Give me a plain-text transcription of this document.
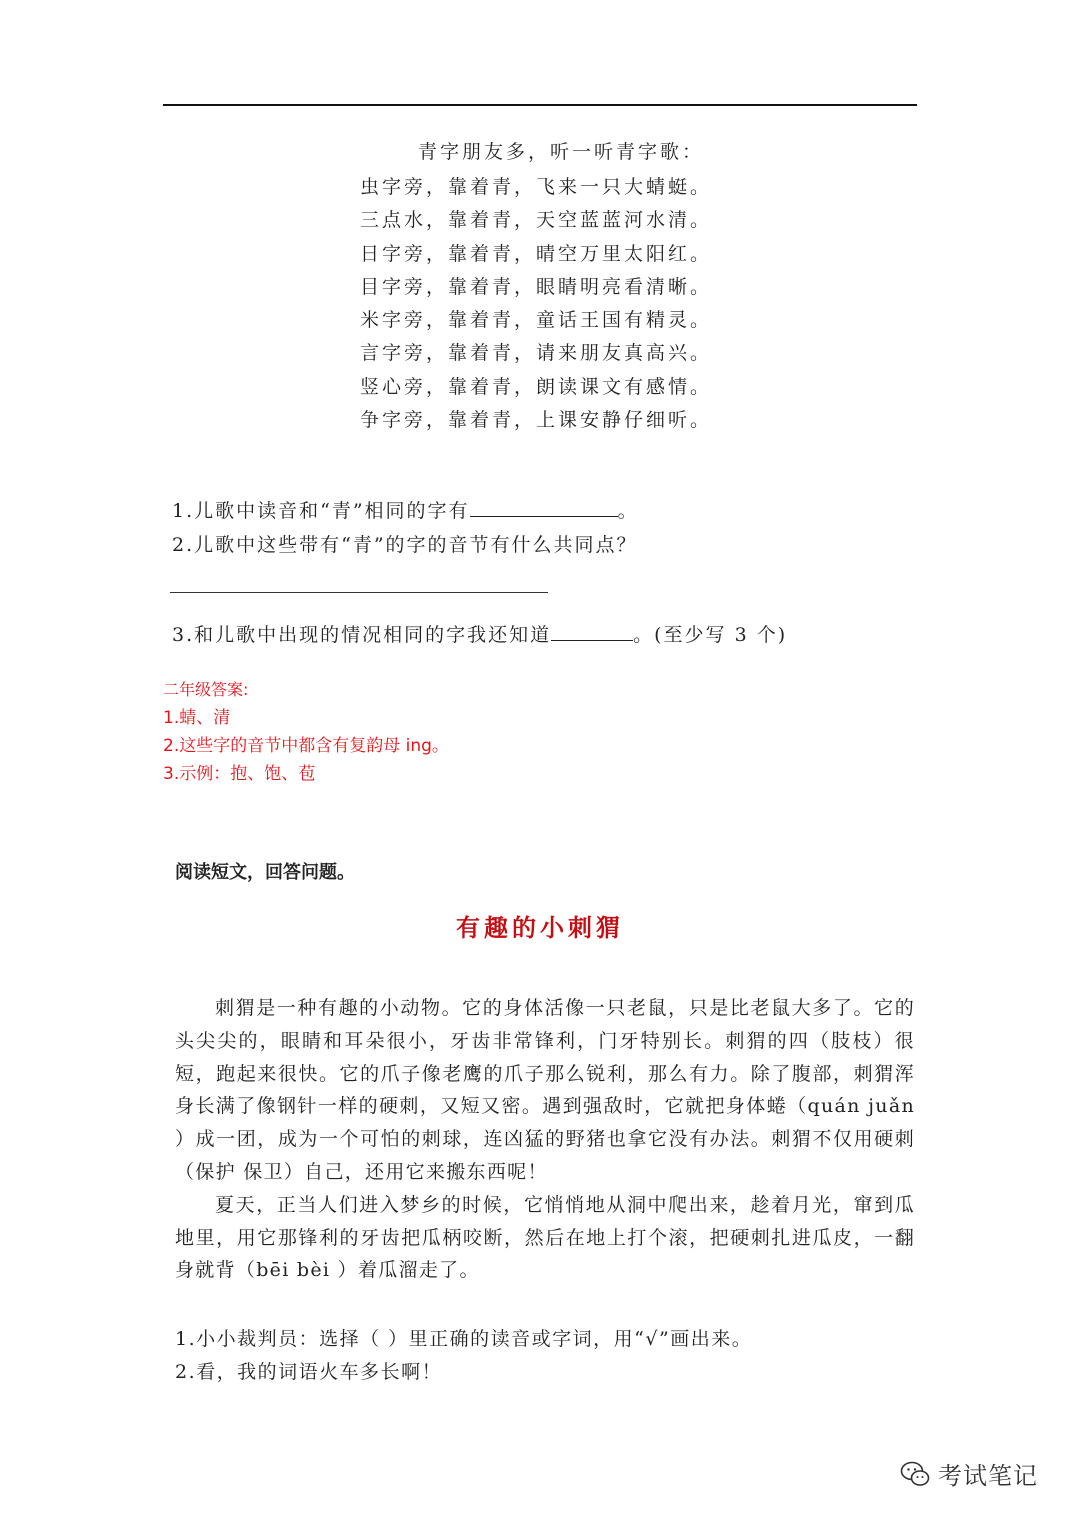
青字朋友多，听一听青字歌：
虫字旁，靠着青，飞来一只大蜻蜓。
三点水，靠着青，天空蓝蓝河水清。
日字旁，靠着青，晴空万里太阳红。
目字旁，靠着青，眼睛明亮看清晰。
米字旁，靠着青，童话王国有精灵。
言字旁，靠着青，请来朋友真高兴。
竖心旁，靠着青，朗读课文有感情。
争字旁，靠着青，上课安静仔细听。
1.儿歌中读音和“青”相同的字有	。
2.儿歌中这些带有“青”的字的音节有什么共同点？
3.和儿歌中出现的情况相同的字我还知道	。(至少写 3 个)
二年级答案:
1.蜻、清
2.这些字的音节中都含有复韵母 ing。
3.示例：抱、饱、苞
阅读短文，回答问题。
有趣的小刺猬

刺猬是一种有趣的小动物。它的身体活像一只老鼠，只是比老鼠大多了。它的头尖尖的，眼睛和耳朵很小，牙齿非常锋利，门牙特别长。刺猬的四（肢枝）很短，跑起来很快。它的爪子像老鹰的爪子那么锐利，那么有力。除了腹部，刺猬浑身长满了像钢针一样的硬刺，又短又密。遇到强敌时，它就把身体蜷（quán juǎn ）成一团，成为一个可怕的刺球，连凶猛的野猪也拿它没有办法。刺猬不仅用硬刺（保护 保卫）自己，还用它来搬东西呢！

夏天，正当人们进入梦乡的时候，它悄悄地从洞中爬出来，趁着月光，窜到瓜地里，用它那锋利的牙齿把瓜柄咬断，然后在地上打个滚，把硬刺扎进瓜皮，一翻身就背（bēi bèi ）着瓜溜走了。

1.小小裁判员：选择（ ）里正确的读音或字词，用“√”画出来。
2.看，我的词语火车多长啊！
考试笔记
